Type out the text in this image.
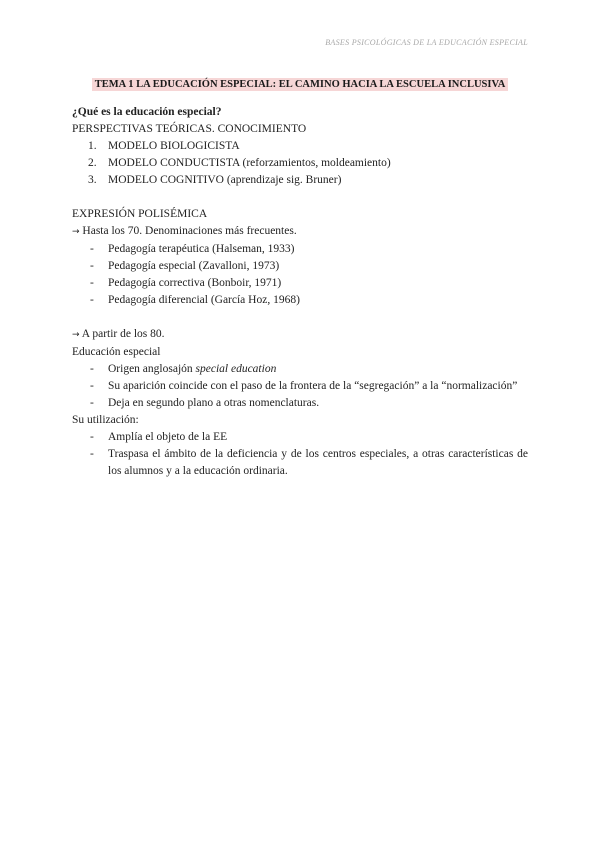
BASES PSICOLÓGICAS DE LA EDUCACIÓN ESPECIAL
TEMA 1 LA EDUCACIÓN ESPECIAL: EL CAMINO HACIA LA ESCUELA INCLUSIVA

¿Qué es la educación especial?

PERSPECTIVAS TEÓRICAS. CONOCIMIENTO

1. MODELO BIOLOGICISTA
2. MODELO CONDUCTISTA (reforzamientos, moldeamiento)
3. MODELO COGNITIVO (aprendizaje sig. Bruner)

EXPRESIÓN POLISÉMICA

→ Hasta los 70. Denominaciones más frecuentes.

- Pedagogía terapéutica (Halseman, 1933)
- Pedagogía especial (Zavalloni, 1973)
- Pedagogía correctiva (Bonboir, 1971)
- Pedagogía diferencial (García Hoz, 1968)

→ A partir de los 80.

Educación especial

- Origen anglosajón special education
- Su aparición coincide con el paso de la frontera de la “segregación” a la “normalización”
- Deja en segundo plano a otras nomenclaturas.

Su utilización:

- Amplía el objeto de la EE
- Traspasa el ámbito de la deficiencia y de los centros especiales, a otras características de los alumnos y a la educación ordinaria.
